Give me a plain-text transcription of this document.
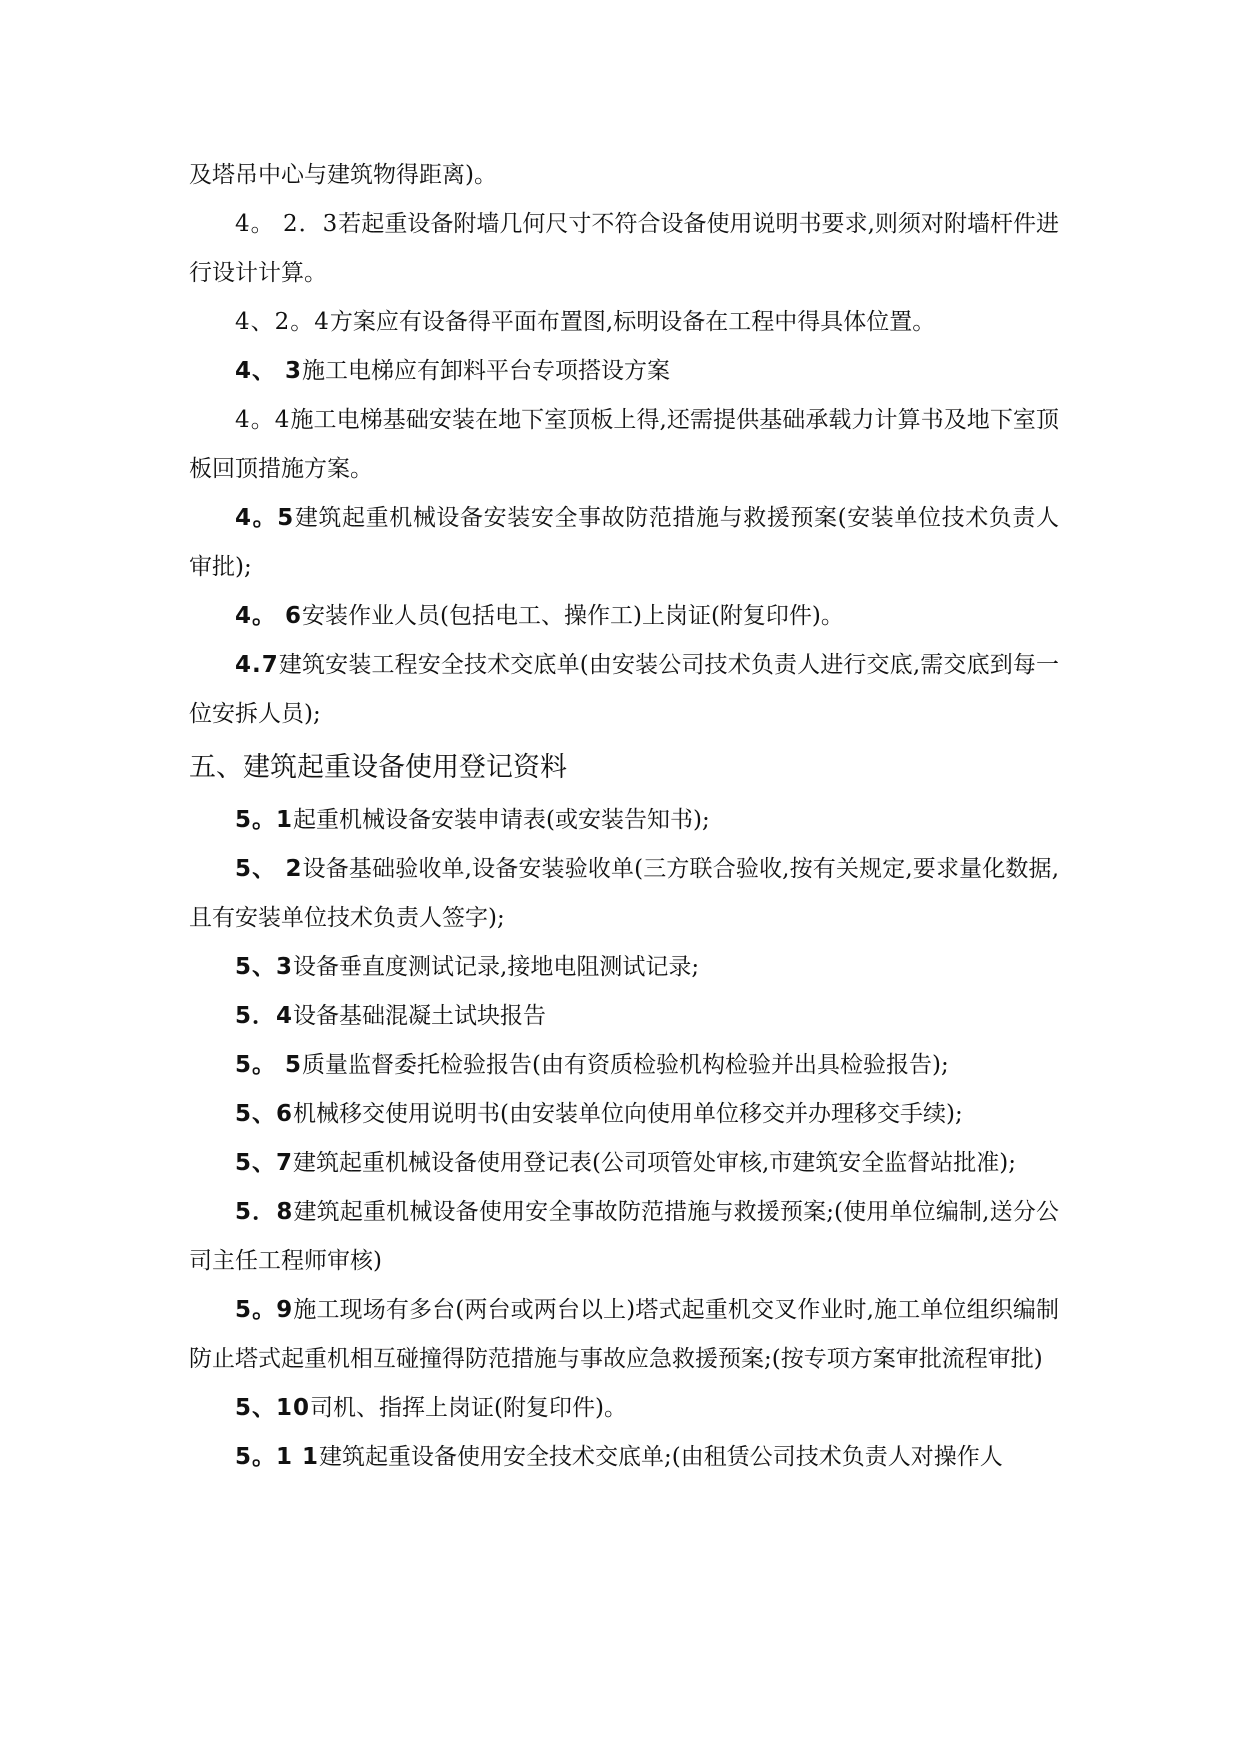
及塔吊中心与建筑物得距离)。

4。 2．3若起重设备附墙几何尺寸不符合设备使用说明书要求,则须对附墙杆件进行设计计算。

4、2。4方案应有设备得平面布置图,标明设备在工程中得具体位置。

4、 3施工电梯应有卸料平台专项搭设方案

4。4施工电梯基础安装在地下室顶板上得,还需提供基础承载力计算书及地下室顶板回顶措施方案。

4。5建筑起重机械设备安装安全事故防范措施与救援预案(安装单位技术负责人审批);

4。 6安装作业人员(包括电工、操作工)上岗证(附复印件)。

4.7建筑安装工程安全技术交底单(由安装公司技术负责人进行交底,需交底到每一位安拆人员);

五、建筑起重设备使用登记资料

5。1起重机械设备安装申请表(或安装告知书);

5、 2设备基础验收单,设备安装验收单(三方联合验收,按有关规定,要求量化数据,且有安装单位技术负责人签字);

5、3设备垂直度测试记录,接地电阻测试记录;

5．4设备基础混凝土试块报告

5。 5质量监督委托检验报告(由有资质检验机构检验并出具检验报告);

5、6机械移交使用说明书(由安装单位向使用单位移交并办理移交手续);

5、7建筑起重机械设备使用登记表(公司项管处审核,市建筑安全监督站批准);

5．8建筑起重机械设备使用安全事故防范措施与救援预案;(使用单位编制,送分公司主任工程师审核)

5。9施工现场有多台(两台或两台以上)塔式起重机交叉作业时,施工单位组织编制防止塔式起重机相互碰撞得防范措施与事故应急救援预案;(按专项方案审批流程审批)

5、10司机、指挥上岗证(附复印件)。

5。1 1建筑起重设备使用安全技术交底单;(由租赁公司技术负责人对操作人
